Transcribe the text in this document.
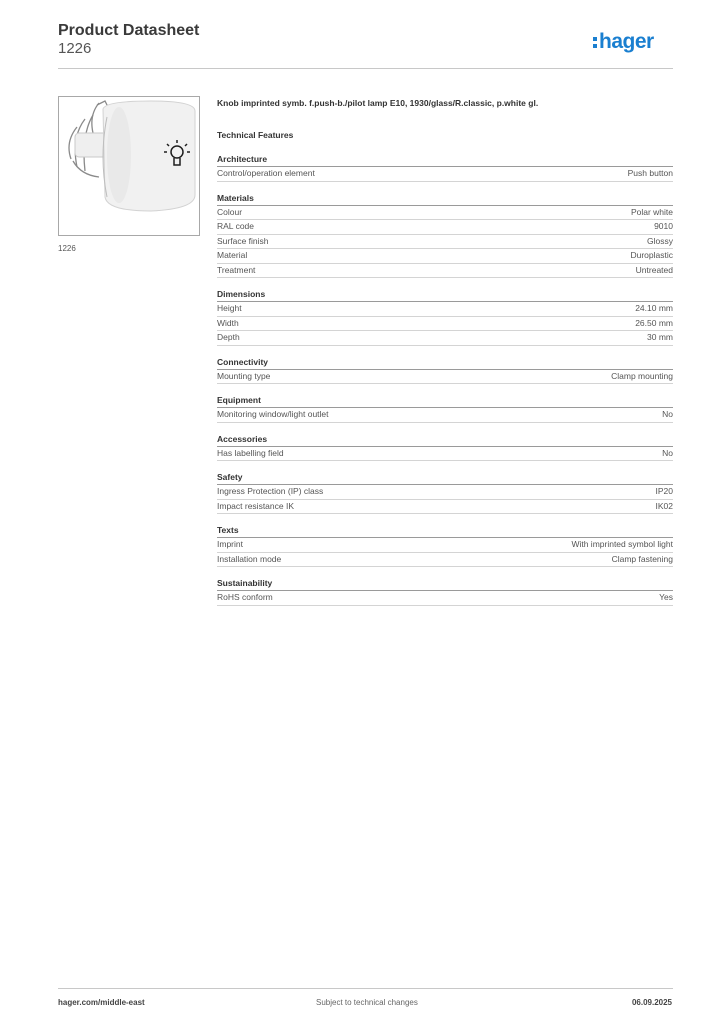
Product Datasheet
1226	hager
1226
Knob imprinted symb. f.push-b./pilot lamp E10, 1930/glass/R.classic, p.white gl.
Technical Features
Architecture
Control/operation element	Push button
Materials
Colour	Polar white
RAL code	9010
Surface finish	Glossy
Material	Duroplastic
Treatment	Untreated
Dimensions
Height	24.10 mm
Width	26.50 mm
Depth	30 mm
Connectivity
Mounting type	Clamp mounting
Equipment
Monitoring window/light outlet	No
Accessories
Has labelling field	No
Safety
Ingress Protection (IP) class	IP20
Impact resistance IK	IK02
Texts
Imprint	With imprinted symbol light
Installation mode	Clamp fastening
Sustainability
RoHS conform	Yes
hager.com/middle-east	Subject to technical changes	06.09.2025
